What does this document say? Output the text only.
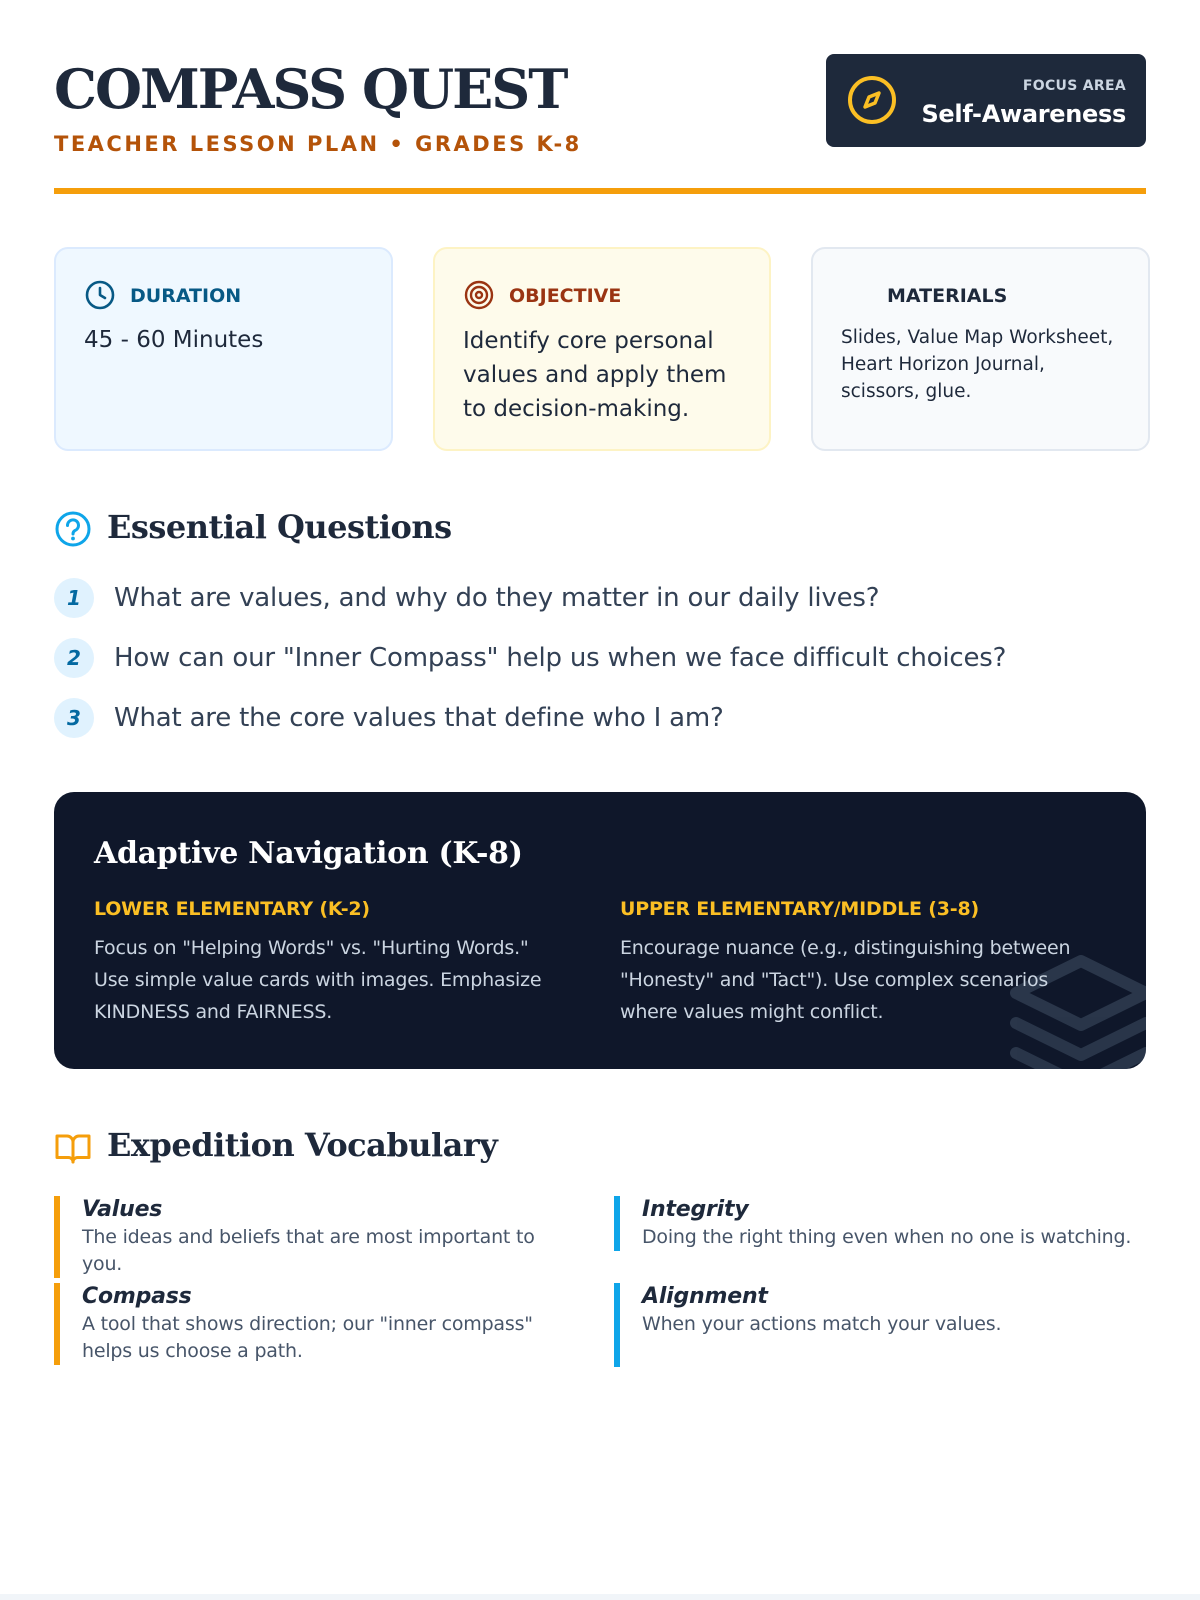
COMPASS QUEST
TEACHER LESSON PLAN • GRADES K-8
FOCUS AREA
Self-Awareness
DURATION
45 - 60 Minutes
OBJECTIVE
Identify core personal values and apply them to decision-making.
MATERIALS
Slides, Value Map Worksheet, Heart Horizon Journal, scissors, glue.
Essential Questions
1	What are values, and why do they matter in our daily lives?
2	How can our "Inner Compass" help us when we face difficult choices?
3	What are the core values that define who I am?
Adaptive Navigation (K-8)
LOWER ELEMENTARY (K-2)
Focus on "Helping Words" vs. "Hurting Words." Use simple value cards with images. Emphasize KINDNESS and FAIRNESS.
UPPER ELEMENTARY/MIDDLE (3-8)
Encourage nuance (e.g., distinguishing between "Honesty" and "Tact"). Use complex scenarios where values might conflict.
Expedition Vocabulary
Values
The ideas and beliefs that are most important to you.
Integrity
Doing the right thing even when no one is watching.
Compass
A tool that shows direction; our "inner compass" helps us choose a path.
Alignment
When your actions match your values.
